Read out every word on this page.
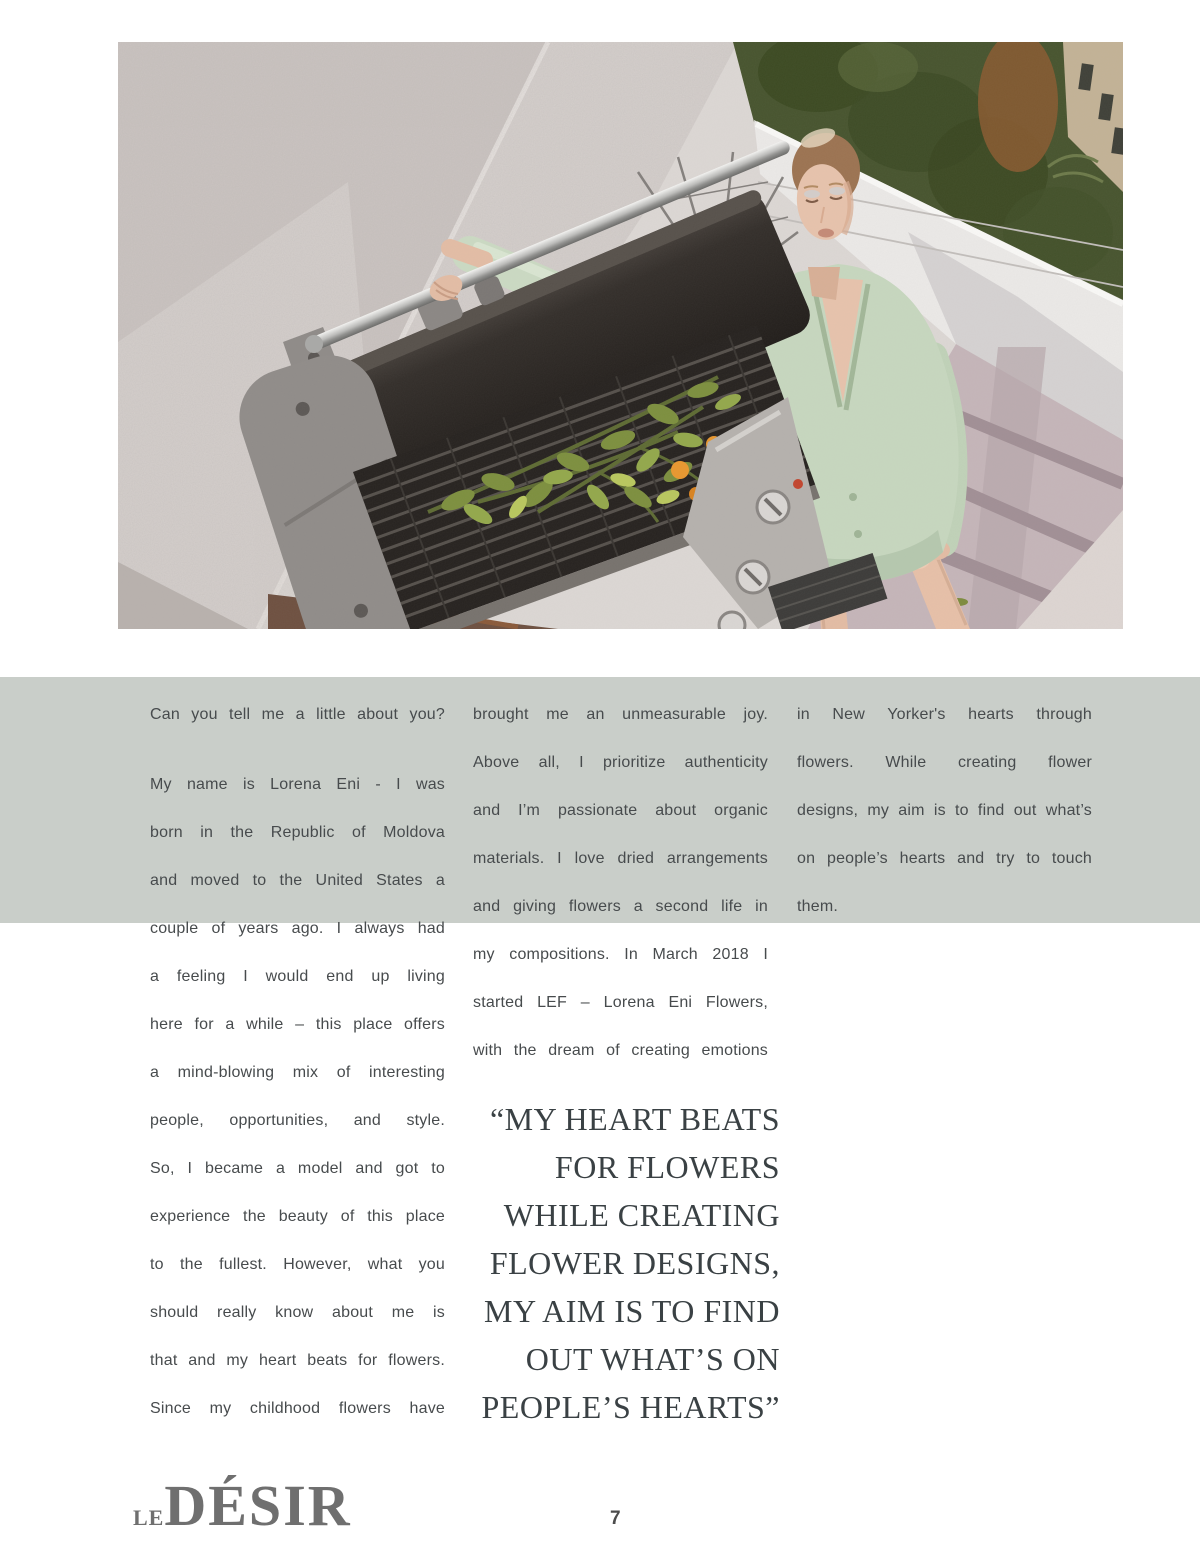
Can you tell me a little about you?
My name is Lorena Eni - I was
born in the Republic of Moldova
and moved to the United States a
couple of years ago. I always had
a feeling I would end up living
here for a while – this place offers
a mind-blowing mix of interesting
people, opportunities, and style.
So, I became a model and got to
experience the beauty of this place
to the fullest. However, what you
should really know about me is
that and my heart beats for flowers.
Since my childhood flowers have
brought me an unmeasurable joy.
Above all, I prioritize authenticity
and I’m passionate about organic
materials. I love dried arrangements
and giving flowers a second life in
my compositions. In March 2018 I
started LEF – Lorena Eni Flowers,
with the dream of creating emotions
in New Yorker's hearts through
flowers. While creating flower
designs, my aim is to find out what’s
on people’s hearts and try to touch
them.
“MY HEART BEATS
FOR FLOWERS
WHILE CREATING
FLOWER DESIGNS,
MY AIM IS TO FIND
OUT WHAT’S ON
PEOPLE’S HEARTS”
LE DÉSIR	7
